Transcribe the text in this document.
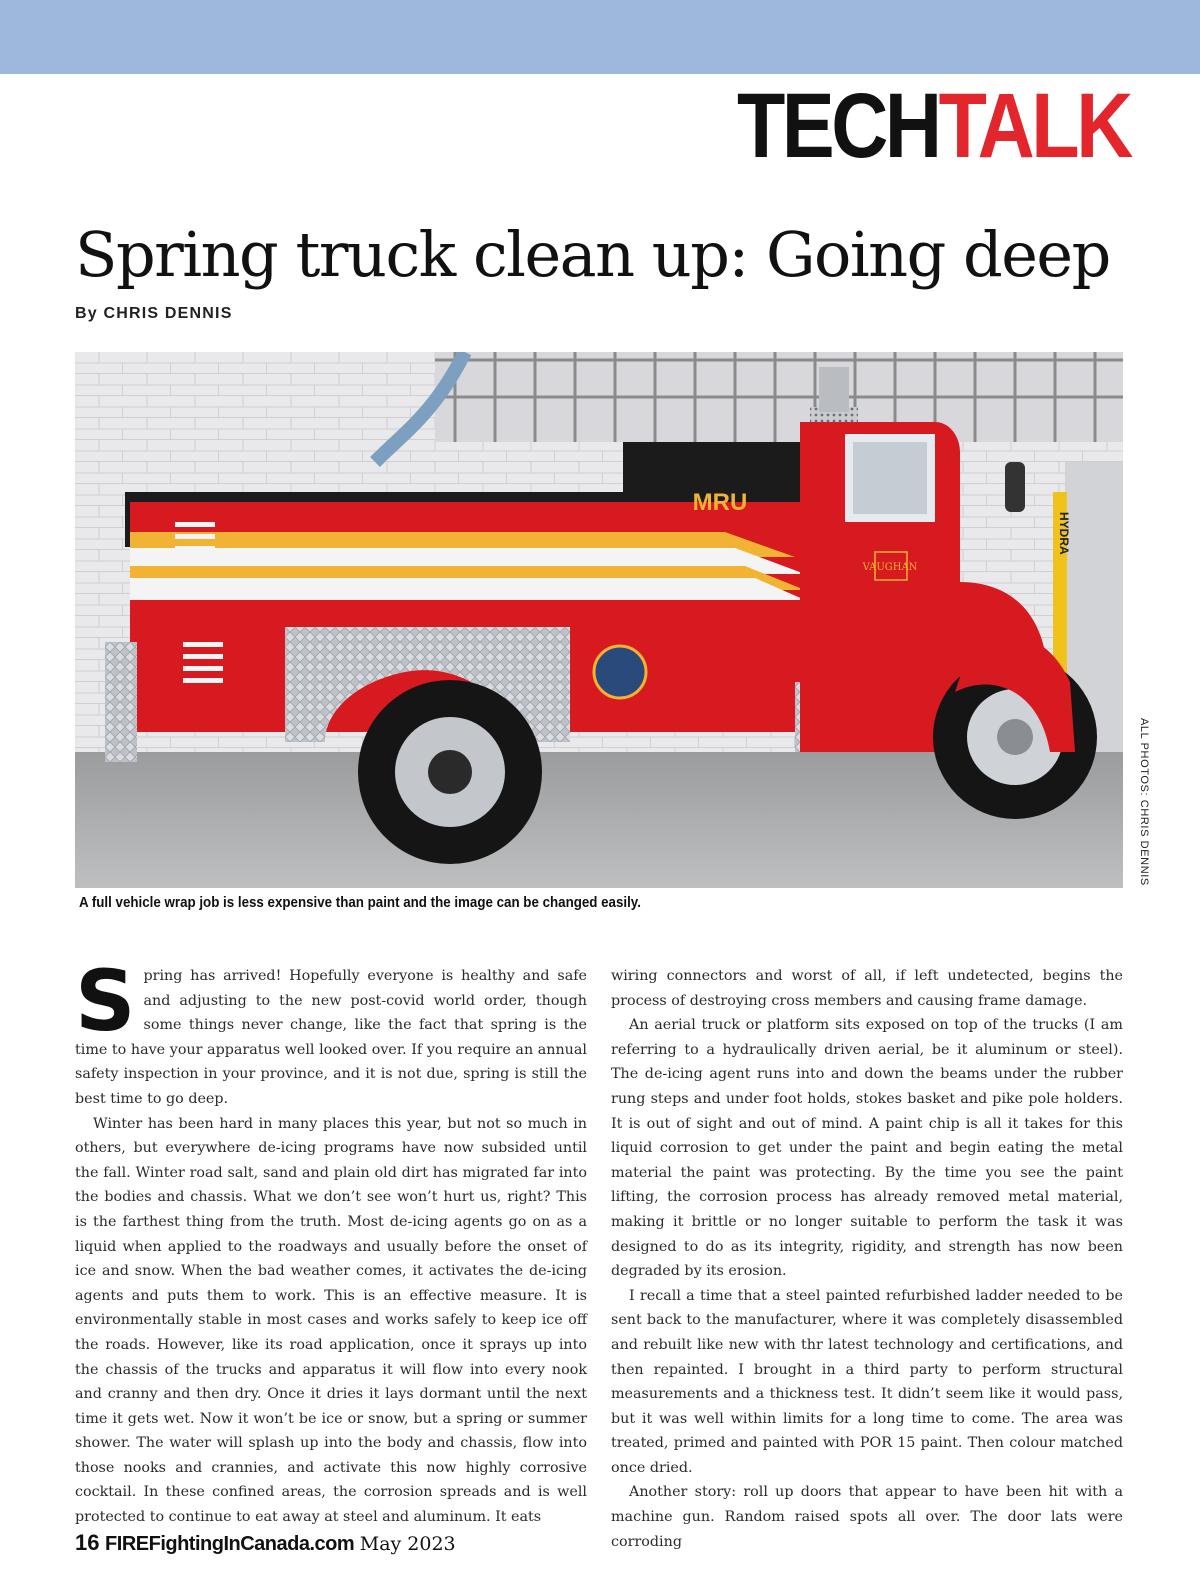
TECHTALK
Spring truck clean up: Going deep
By CHRIS DENNIS
VAUGHAN
HYDRA
MRU
ALL PHOTOS: CHRIS DENNIS
A full vehicle wrap job is less expensive than paint and the image can be changed easily.

Spring has arrived! Hopefully everyone is healthy and safe and adjusting to the new post-covid world order, though some things never change, like the fact that spring is the time to have your apparatus well looked over. If you require an annual safety inspection in your province, and it is not due, spring is still the best time to go deep.

Winter has been hard in many places this year, but not so much in others, but everywhere de-icing programs have now subsided until the fall. Winter road salt, sand and plain old dirt has migrated far into the bodies and chassis. What we don’t see won’t hurt us, right? This is the farthest thing from the truth. Most de-icing agents go on as a liquid when applied to the roadways and usually before the onset of ice and snow. When the bad weather comes, it activates the de-icing agents and puts them to work. This is an effective measure. It is environmentally stable in most cases and works safely to keep ice off the roads. However, like its road application, once it sprays up into the chassis of the trucks and apparatus it will flow into every nook and cranny and then dry. Once it dries it lays dormant until the next time it gets wet. Now it won’t be ice or snow, but a spring or summer shower. The water will splash up into the body and chassis, flow into those nooks and crannies, and activate this now highly corrosive cocktail. In these confined areas, the corrosion spreads and is well protected to continue to eat away at steel and aluminum. It eats

wiring connectors and worst of all, if left undetected, begins the process of destroying cross members and causing frame damage.

An aerial truck or platform sits exposed on top of the trucks (I am referring to a hydraulically driven aerial, be it aluminum or steel). The de-icing agent runs into and down the beams under the rubber rung steps and under foot holds, stokes basket and pike pole holders. It is out of sight and out of mind. A paint chip is all it takes for this liquid corrosion to get under the paint and begin eating the metal material the paint was protecting. By the time you see the paint lifting, the corrosion process has already removed metal material, making it brittle or no longer suitable to perform the task it was designed to do as its integrity, rigidity, and strength has now been degraded by its erosion.

I recall a time that a steel painted refurbished ladder needed to be sent back to the manufacturer, where it was completely disassembled and rebuilt like new with thr latest technology and certifications, and then repainted. I brought in a third party to perform structural measurements and a thickness test. It didn’t seem like it would pass, but it was well within limits for a long time to come. The area was treated, primed and painted with POR 15 paint. Then colour matched once dried.

Another story: roll up doors that appear to have been hit with a machine gun. Random raised spots all over. The door lats were corroding

16 FIREFightingInCanada.com May 2023
